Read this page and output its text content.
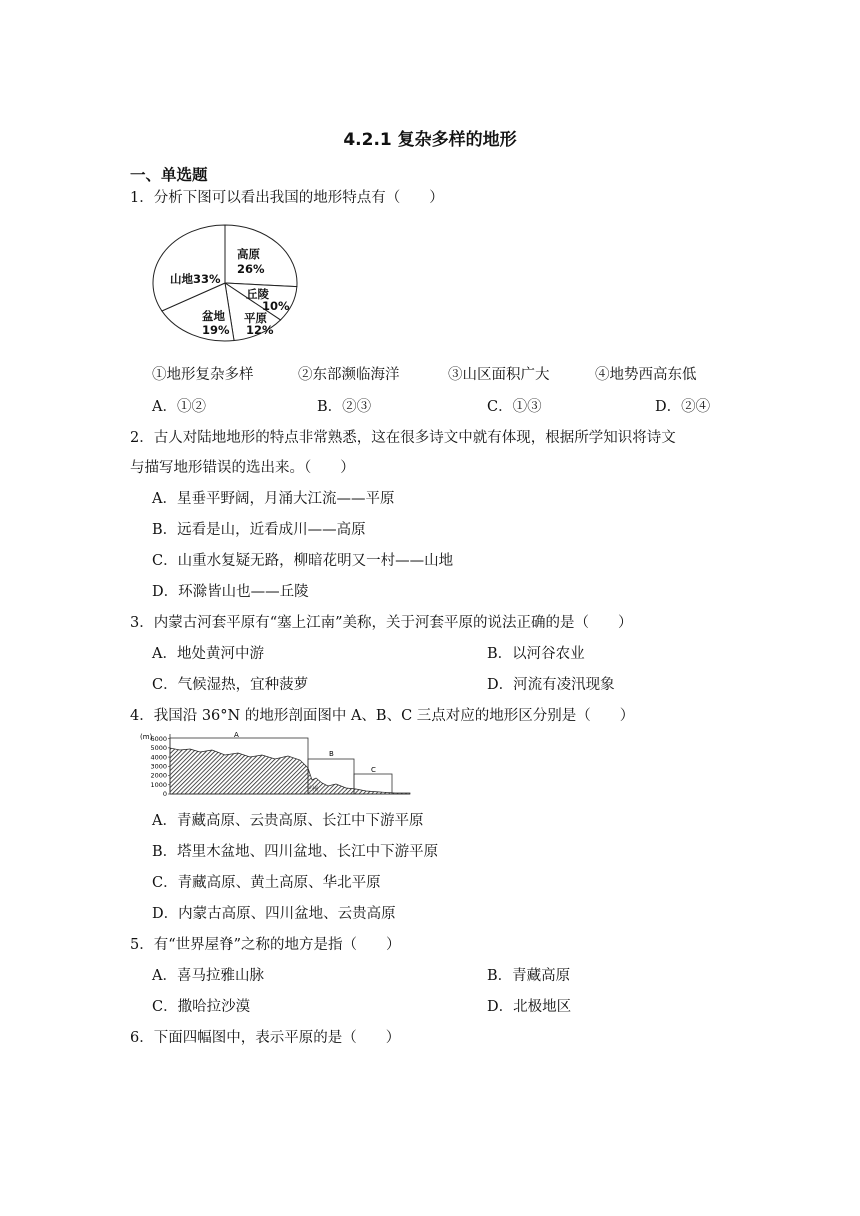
4.2.1 复杂多样的地形
一、单选题
1．分析下图可以看出我国的地形特点有（　　）
高原
26%
丘陵
10%
平原
12%
盆地
19%
山地33%
①地形复杂多样	②东部濒临海洋	③山区面积广大	④地势西高东低
A．①②	B．②③	C．①③	D．②④
2．古人对陆地地形的特点非常熟悉，这在很多诗文中就有体现，根据所学知识将诗文
与描写地形错误的选出来。（　　）
A．星垂平野阔，月涌大江流——平原
B．远看是山，近看成川——高原
C．山重水复疑无路，柳暗花明又一村——山地
D．环滁皆山也——丘陵
3．内蒙古河套平原有“塞上江南”美称，关于河套平原的说法正确的是（　　）
A．地处黄河中游	B．以河谷农业
C．气候湿热，宜种菠萝	D．河流有凌汛现象
4．我国沿 36°N 的地形剖面图中 A、B、C 三点对应的地形区分别是（　　）
(m)
0
1000
2000
3000
4000
5000
6000	A
B
C
兰州
A．青藏高原、云贵高原、长江中下游平原
B．塔里木盆地、四川盆地、长江中下游平原
C．青藏高原、黄土高原、华北平原
D．内蒙古高原、四川盆地、云贵高原
5．有“世界屋脊”之称的地方是指（　　）
A．喜马拉雅山脉	B．青藏高原
C．撒哈拉沙漠	D．北极地区
6．下面四幅图中，表示平原的是（　　）
